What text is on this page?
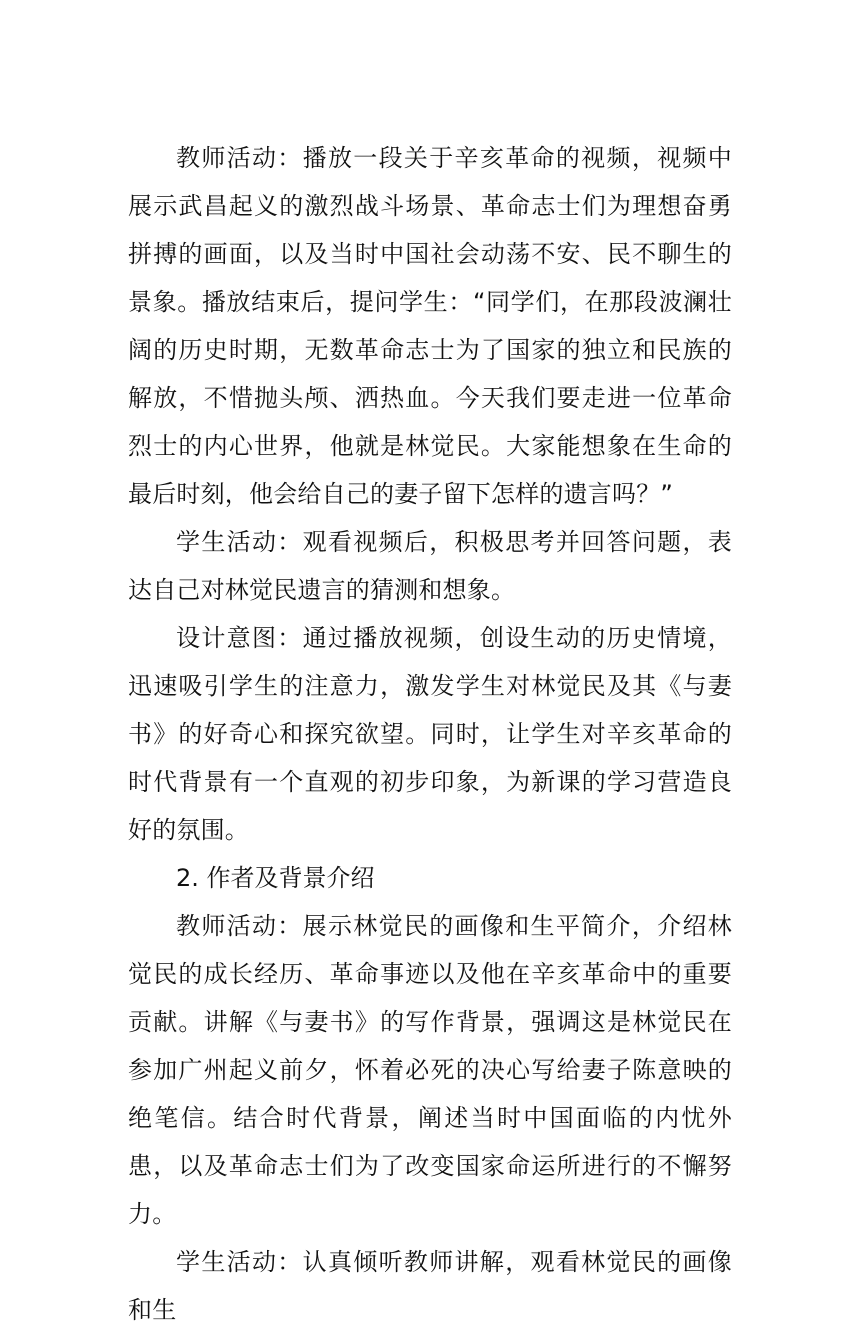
教师活动：播放一段关于辛亥革命的视频，视频中展示武昌起义的激烈战斗场景、革命志士们为理想奋勇拼搏的画面，以及当时中国社会动荡不安、民不聊生的景象。播放结束后，提问学生：“同学们，在那段波澜壮阔的历史时期，无数革命志士为了国家的独立和民族的解放，不惜抛头颅、洒热血。今天我们要走进一位革命烈士的内心世界，他就是林觉民。大家能想象在生命的最后时刻，他会给自己的妻子留下怎样的遗言吗？”

学生活动：观看视频后，积极思考并回答问题，表达自己对林觉民遗言的猜测和想象。

设计意图：通过播放视频，创设生动的历史情境，迅速吸引学生的注意力，激发学生对林觉民及其《与妻书》的好奇心和探究欲望。同时，让学生对辛亥革命的时代背景有一个直观的初步印象，为新课的学习营造良好的氛围。

2. 作者及背景介绍

教师活动：展示林觉民的画像和生平简介，介绍林觉民的成长经历、革命事迹以及他在辛亥革命中的重要贡献。讲解《与妻书》的写作背景，强调这是林觉民在参加广州起义前夕，怀着必死的决心写给妻子陈意映的绝笔信。结合时代背景，阐述当时中国面临的内忧外患，以及革命志士们为了改变国家命运所进行的不懈努力。

学生活动：认真倾听教师讲解，观看林觉民的画像和生
